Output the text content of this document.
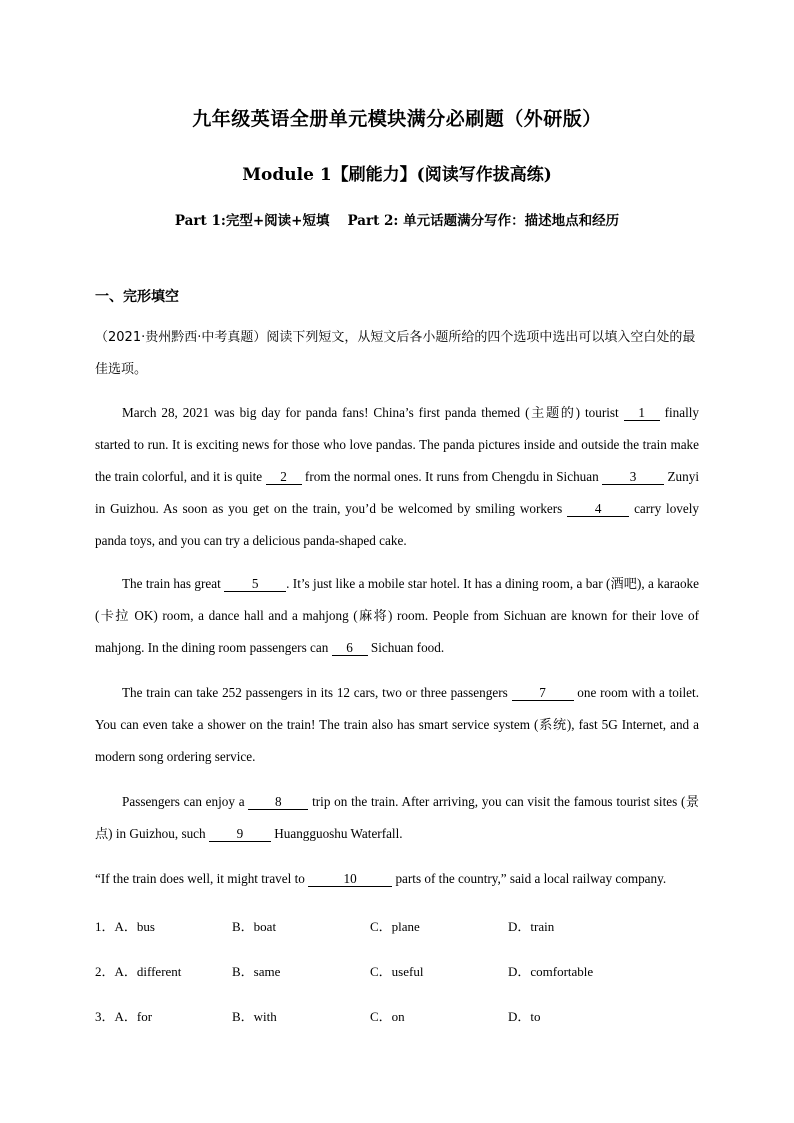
九年级英语全册单元模块满分必刷题（外研版）
Module 1【刷能力】(阅读写作拔高练)
Part 1:完型+阅读+短填 Part 2: 单元话题满分写作：描述地点和经历
一、完形填空
（2021·贵州黔西·中考真题）阅读下列短文，从短文后各小题所给的四个选项中选出可以填入空白处的最佳选项。
March 28, 2021 was big day for panda fans! China’s first panda themed (主题的) tourist 1 finally started to run. It is exciting news for those who love pandas. The panda pictures inside and outside the train make the train colorful, and it is quite 2 from the normal ones. It runs from Chengdu in Sichuan 3 Zunyi in Guizhou. As soon as you get on the train, you’d be welcomed by smiling workers 4 carry lovely panda toys, and you can try a delicious panda-shaped cake.
The train has great 5 . It’s just like a mobile star hotel. It has a dining room, a bar (酒吧), a karaoke (卡拉 OK) room, a dance hall and a mahjong (麻将) room. People from Sichuan are known for their love of mahjong. In the dining room passengers can 6 Sichuan food.
The train can take 252 passengers in its 12 cars, two or three passengers 7 one room with a toilet. You can even take a shower on the train! The train also has smart service system (系统), fast 5G Internet, and a modern song ordering service.
Passengers can enjoy a 8 trip on the train. After arriving, you can visit the famous tourist sites (景点) in Guizhou, such 9 Huangguoshu Waterfall.
“If the train does well, it might travel to	10	parts of the country,” said a local railway company.
1．A．bus	B．boat	C．plane	D．train
2．A．different	B．same	C．useful	D．comfortable
3．A．for	B．with	C．on	D．to
